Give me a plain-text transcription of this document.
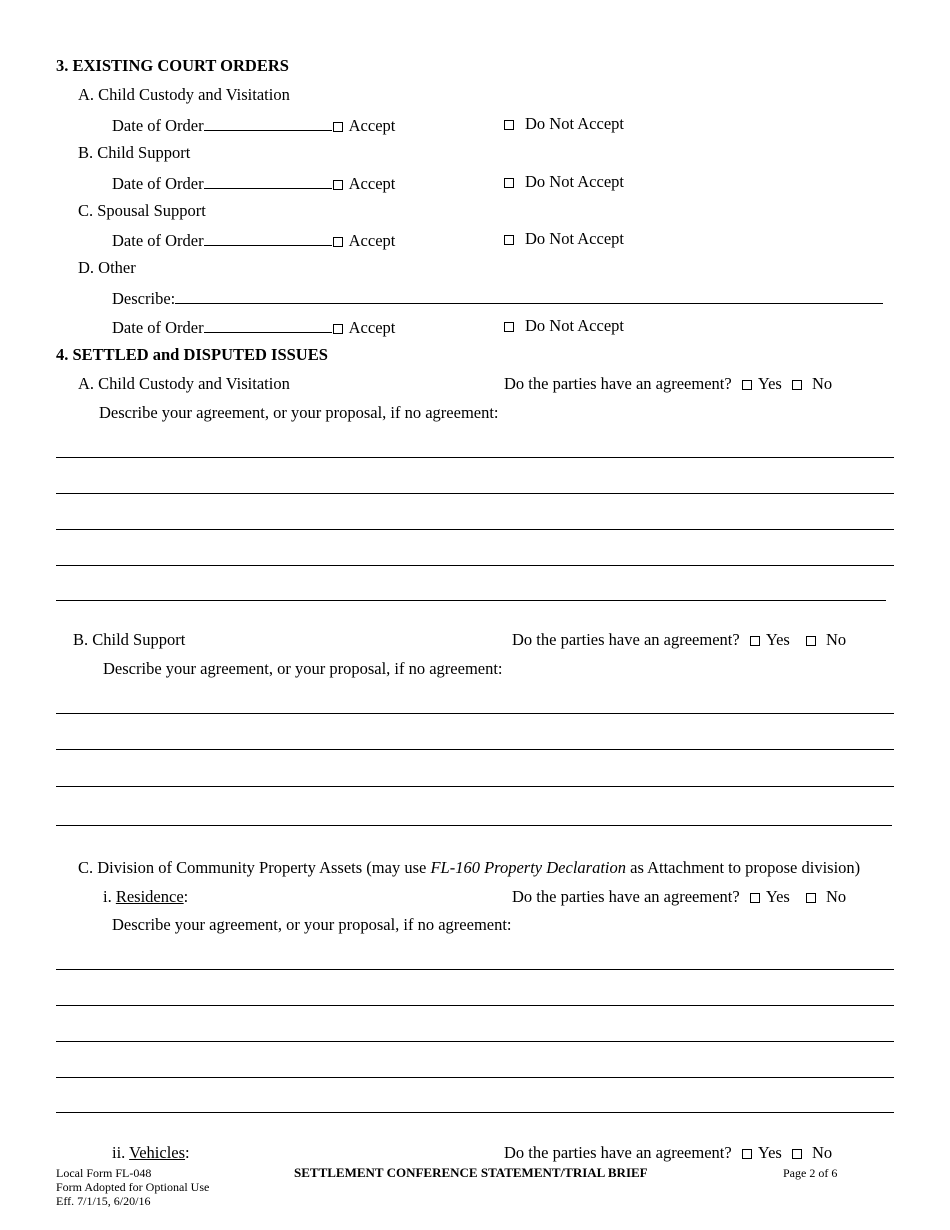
3. EXISTING COURT ORDERS
A. Child Custody and Visitation
Date of Order	Accept	Do Not Accept
B. Child Support
Date of Order	Accept	Do Not Accept
C. Spousal Support
Date of Order	Accept	Do Not Accept
D. Other
Describe:
Date of Order	Accept	Do Not Accept
4. SETTLED and DISPUTED ISSUES
A. Child Custody and Visitation	Do the parties have an agreement? Yes No
Describe your agreement, or your proposal, if no agreement:
B. Child Support	Do the parties have an agreement? Yes No
Describe your agreement, or your proposal, if no agreement:
C. Division of Community Property Assets (may use FL-160 Property Declaration as Attachment to propose division)
i. Residence:	Do the parties have an agreement? Yes No
Describe your agreement, or your proposal, if no agreement:
ii. Vehicles:	Do the parties have an agreement? Yes No
Local Form FL-048
Form Adopted for Optional Use
Eff. 7/1/15, 6/20/16
SETTLEMENT CONFERENCE STATEMENT/TRIAL BRIEF	Page 2 of 6
